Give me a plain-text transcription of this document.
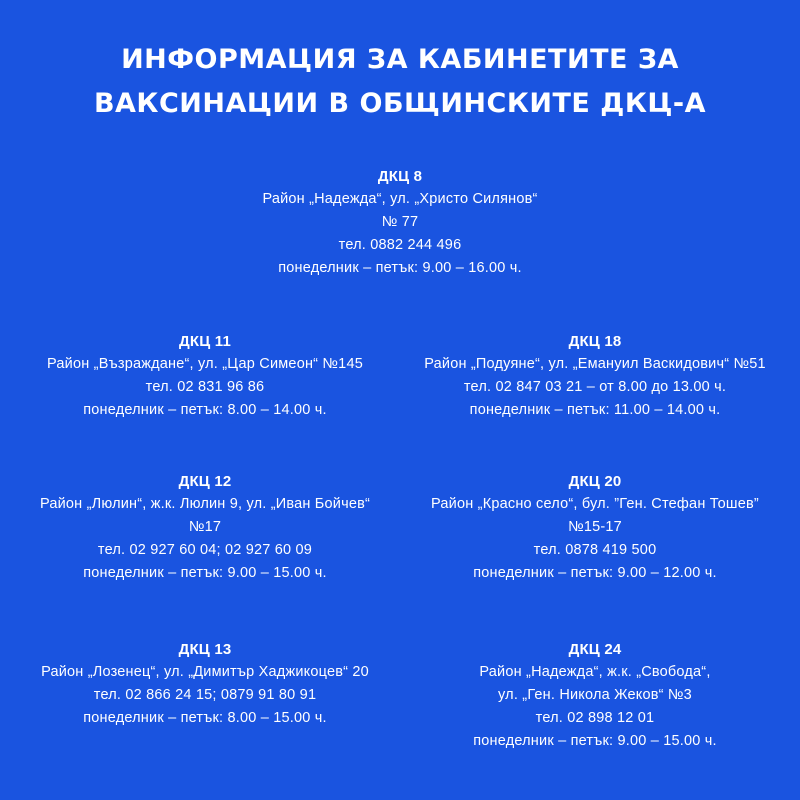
ИНФОРМАЦИЯ ЗА КАБИНЕТИТЕ ЗА
ВАКСИНАЦИИ В ОБЩИНСКИТЕ ДКЦ-А
ДКЦ 8
Район „Надежда“, ул. „Христо Силянов“
№ 77
тел. 0882 244 496
понеделник – петък: 9.00 – 16.00 ч.
ДКЦ 11
Район „Възраждане“, ул. „Цар Симеон“ №145
тел. 02 831 96 86
понеделник – петък: 8.00 – 14.00 ч.
ДКЦ 18
Район „Подуяне“, ул. „Емануил Васкидович“ №51
тел. 02 847 03 21 – от 8.00 до 13.00 ч.
понеделник – петък: 11.00 – 14.00 ч.
ДКЦ 12
Район „Люлин“, ж.к. Люлин 9, ул. „Иван Бойчев“
№17
тел. 02 927 60 04; 02 927 60 09
понеделник – петък: 9.00 – 15.00 ч.
ДКЦ 20
Район „Красно село“, бул. ”Ген. Стефан Тошев”
№15-17
тел. 0878 419 500
понеделник – петък: 9.00 – 12.00 ч.
ДКЦ 13
Район „Лозенец“, ул. „Димитър Хаджикоцев“ 20
тел. 02 866 24 15; 0879 91 80 91
понеделник – петък: 8.00 – 15.00 ч.
ДКЦ 24
Район „Надежда“, ж.к. „Свобода“,
ул. „Ген. Никола Жеков“ №3
тел. 02 898 12 01
понеделник – петък: 9.00 – 15.00 ч.
